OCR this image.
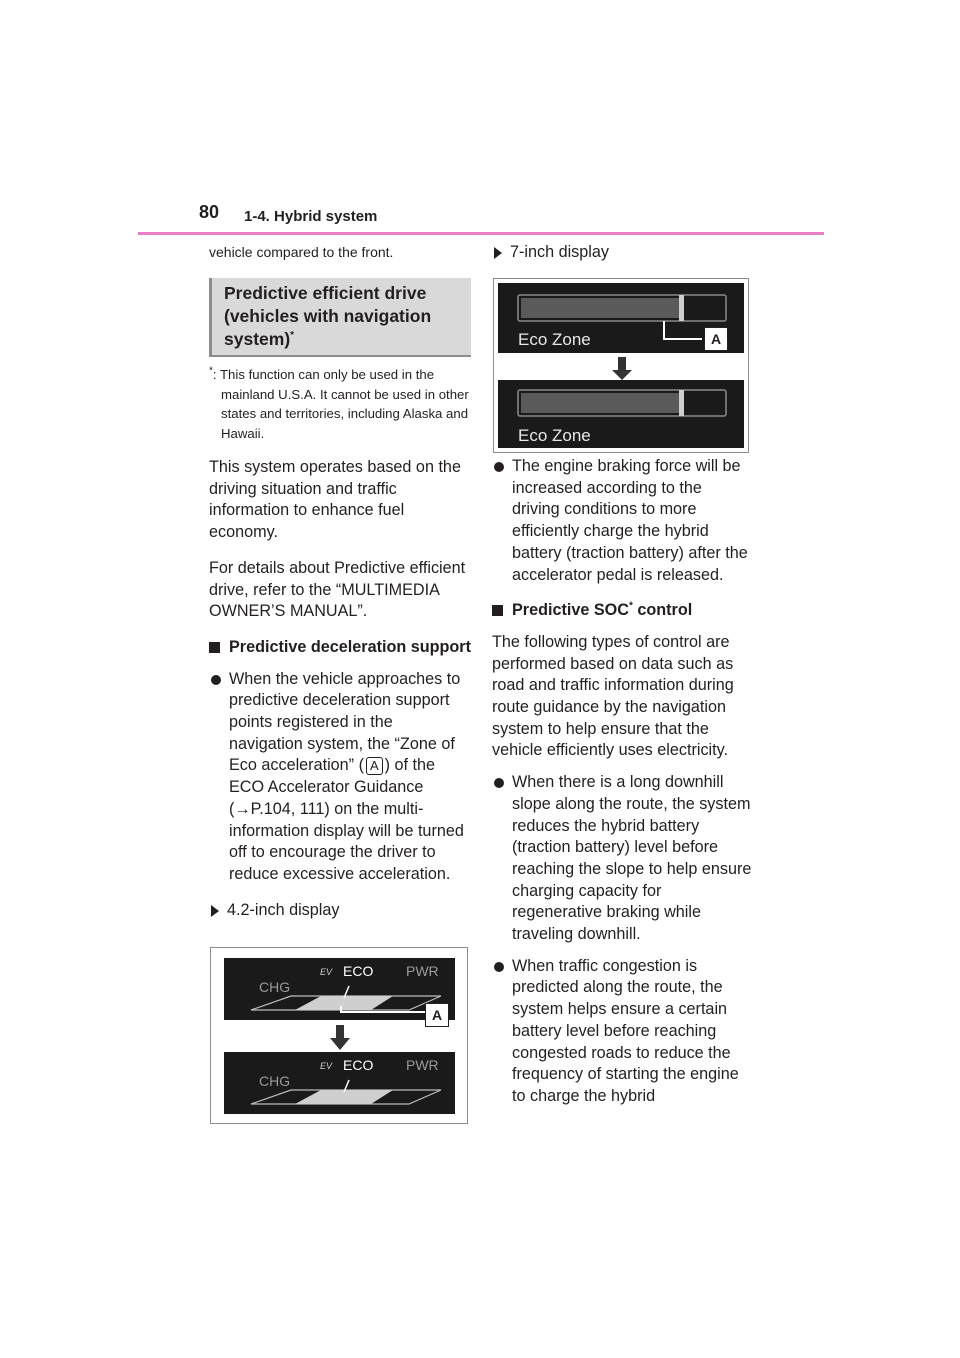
80 1-4. Hybrid system
vehicle compared to the front.
Predictive efficient drive (vehicles with navigation system)*
*: This function can only be used in the mainland U.S.A. It cannot be used in other states and territories, including Alaska and Hawaii.

This system operates based on the driving situation and traffic information to enhance fuel economy.

For details about Predictive efficient drive, refer to the “MULTIMEDIA OWNER’S MANUAL”.

Predictive deceleration support
When the vehicle approaches to predictive deceleration support points registered in the navigation system, the “Zone of Eco acceleration” ( A ) of the ECO Accelerator Guidance (→P.104, 111) on the multi-information display will be turned off to encourage the driver to reduce excessive acceleration.
4.2-inch display
CHG
ECO PWR
EV
CHG
ECO PWR
EV
A
7-inch display
Eco Zone
Eco Zone
A
The engine braking force will be increased according to the driving conditions to more efficiently charge the hybrid battery (traction battery) after the accelerator pedal is released.
Predictive SOC* control

The following types of control are performed based on data such as road and traffic information during route guidance by the navigation system to help ensure that the vehicle efficiently uses electricity.

When there is a long downhill slope along the route, the system reduces the hybrid battery (traction battery) level before reaching the slope to help ensure charging capacity for regenerative braking while traveling downhill.
When traffic congestion is predicted along the route, the system helps ensure a certain battery level before reaching congested roads to reduce the frequency of starting the engine to charge the hybrid
